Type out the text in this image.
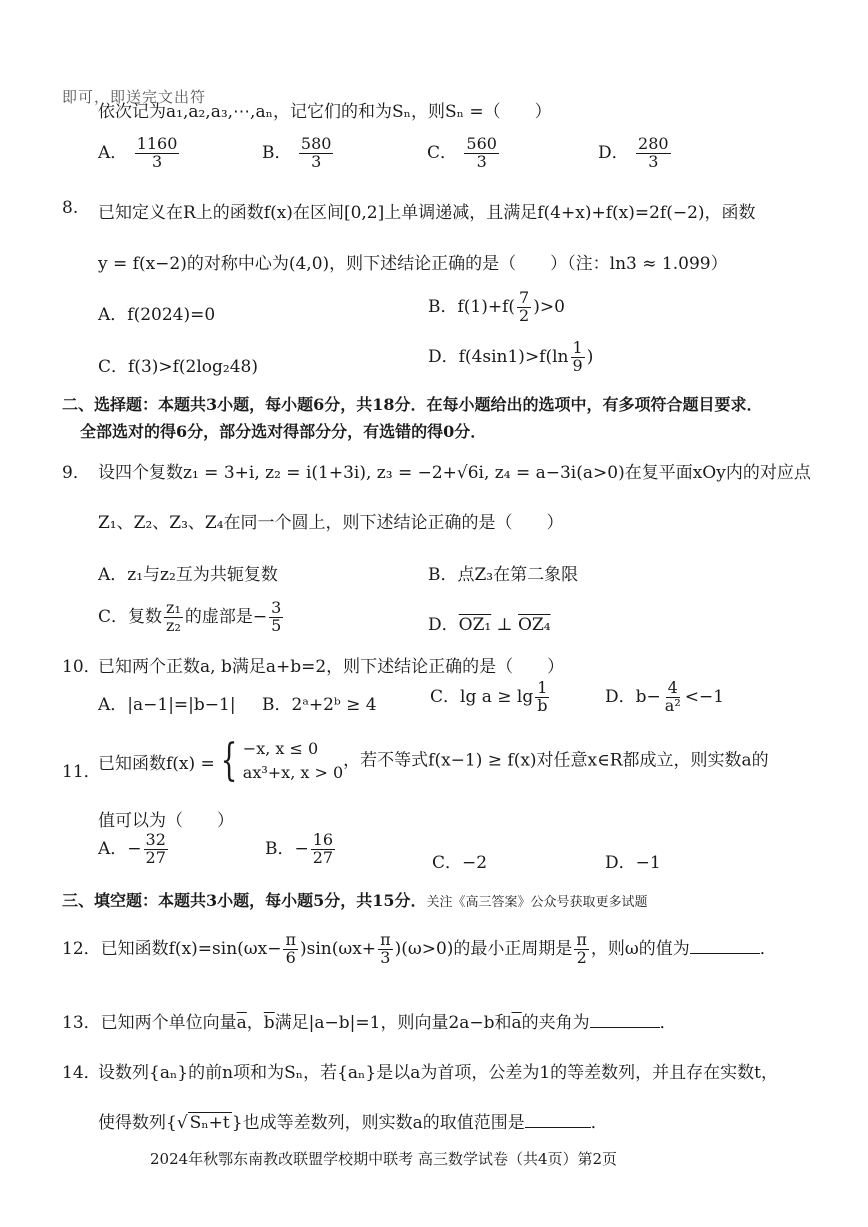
即可，即送完文出符
依次记为a₁,a₂,a₃,⋯,aₙ，记它们的和为Sₙ，则Sₙ =（　　）
A． $\frac{1160}{3}$	B． $\frac{580}{3}$	C． $\frac{560}{3}$	D． $\frac{280}{3}$
8. 已知定义在R上的函数f(x)在区间[0,2]上单调递减，且满足f(4+x)+f(x)=2f(−2)，函数
y = f(x−2)的对称中心为(4,0)，则下述结论正确的是（　　）（注：ln3 ≈ 1.099）
A．f(2024)=0	B．$f(1)+f( \frac{7}{2} )>0$
C．f(3)>f(2log₂48)
D．$f(4\sin 1)>f(\ln \frac{1}{9}$ )
二、选择题：本题共3小题，每小题6分，共18分．在每小题给出的选项中，有多项符合题目要求．
全部选对的得6分，部分选对得部分分，有选错的得0分．
9． 设四个复数z₁ = 3+i, z₂ = i(1+3i), z₃ = −2+√6i, z₄ = a−3i(a>0)在复平面xOy内的对应点
Z₁、Z₂、Z₃、Z₄在同一个圆上，则下述结论正确的是（　　）
A．z₁与z₂互为共轭复数	B．点Z₃在第二象限
C．复数 $\frac{\text{z₁}}{\text{z₂}}$ 的虚部是− $\frac{3}{5}$	D．OZ₁ ⊥ OZ₄
10．
已知两个正数a, b满足a+b=2，则下述结论正确的是（　　）
A．|a−1|=|b−1| B．2ᵃ+2ᵇ ≥ 4	C．$\lg a \ge \lg \frac{1}{b}$	D．$b- \frac{4}{\text{a²}} <-1$
11．
已知函数f(x) = { −x, x ≤ 0
ax³+x, x > 0
，若不等式f(x−1) ≥ f(x)对任意x∈R都成立，则实数a的
值可以为（　　）
A．− $\frac{32}{27}$	B．− $\frac{16}{27}$	C．−2	D．−1
三、填空题：本题共3小题，每小题5分，共15分．关注《高三答案》公众号获取更多试题
12．已知函数$f(x)=\sin(\omega x- \frac{\pi}{6} )\sin(\omega x+ \frac{\pi}{3} )(\omega>0)$的最小正周期是 $\frac{\pi}{2}$ ，则ω的值为	．
13．已知两个单位向量$\overline{a}$，$\overline{b}$满足|a−b|=1，则向量2a−b和$\overline{a}$的夹角为	．
14．
设数列{aₙ}的前n项和为Sₙ，若{aₙ}是以a为首项，公差为1的等差数列，并且存在实数t，
使得数列{√ Sₙ+t }也成等差数列，则实数a的取值范围是	．
2024年秋鄂东南教改联盟学校期中联考 高三数学试卷（共4页）第2页
